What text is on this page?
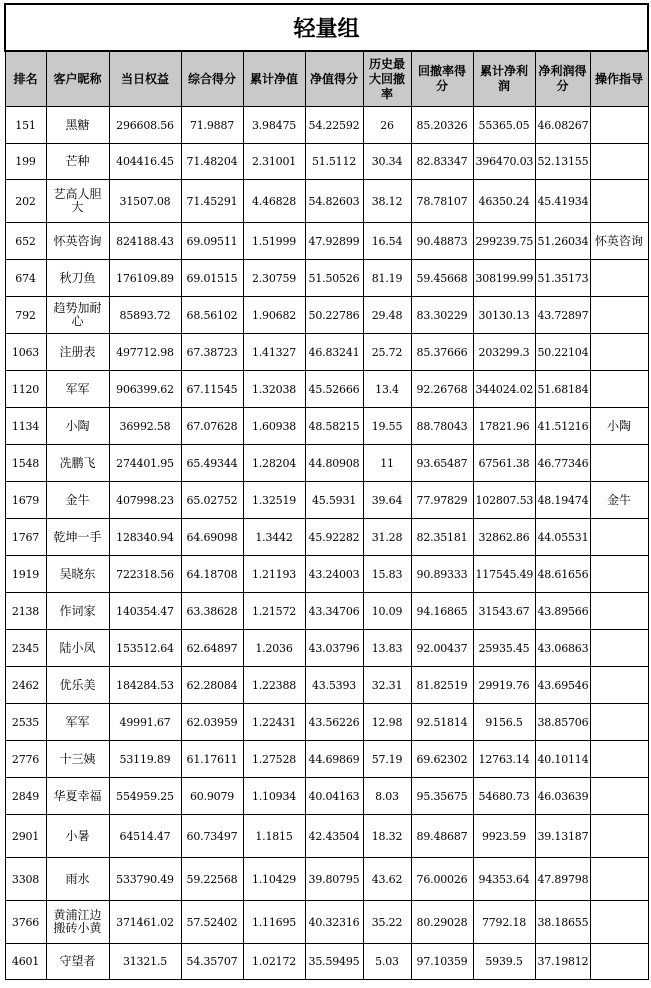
轻量组										
排名	客户昵称	当日权益	综合得分	累计净值	净值得分	历史最大回撤率	回撤率得分	累计净利润	净利润得分	操作指导
151	黑糖	296608.56	71.9887	3.98475	54.22592	26	85.20326	55365.05	46.08267	
199	芒种	404416.45	71.48204	2.31001	51.5112	30.34	82.83347	396470.03	52.13155	
202	艺高人胆大	31507.08	71.45291	4.46828	54.82603	38.12	78.78107	46350.24	45.41934	
652	怀英咨询	824188.43	69.09511	1.51999	47.92899	16.54	90.48873	299239.75	51.26034	怀英咨询
674	秋刀鱼	176109.89	69.01515	2.30759	51.50526	81.19	59.45668	308199.99	51.35173	
792	趋势加耐心	85893.72	68.56102	1.90682	50.22786	29.48	83.30229	30130.13	43.72897	
1063	注册表	497712.98	67.38723	1.41327	46.83241	25.72	85.37666	203299.3	50.22104	
1120	军军	906399.62	67.11545	1.32038	45.52666	13.4	92.26768	344024.02	51.68184	
1134	小陶	36992.58	67.07628	1.60938	48.58215	19.55	88.78043	17821.96	41.51216	小陶
1548	冼鹏飞	274401.95	65.49344	1.28204	44.80908	11	93.65487	67561.38	46.77346	
1679	金牛	407998.23	65.02752	1.32519	45.5931	39.64	77.97829	102807.53	48.19474	金牛
1767	乾坤一手	128340.94	64.69098	1.3442	45.92282	31.28	82.35181	32862.86	44.05531	
1919	吴晓东	722318.56	64.18708	1.21193	43.24003	15.83	90.89333	117545.49	48.61656	
2138	作词家	140354.47	63.38628	1.21572	43.34706	10.09	94.16865	31543.67	43.89566	
2345	陆小凤	153512.64	62.64897	1.2036	43.03796	13.83	92.00437	25935.45	43.06863	
2462	优乐美	184284.53	62.28084	1.22388	43.5393	32.31	81.82519	29919.76	43.69546	
2535	军军	49991.67	62.03959	1.22431	43.56226	12.98	92.51814	9156.5	38.85706	
2776	十三姨	53119.89	61.17611	1.27528	44.69869	57.19	69.62302	12763.14	40.10114	
2849	华夏幸福	554959.25	60.9079	1.10934	40.04163	8.03	95.35675	54680.73	46.03639	
2901	小暑	64514.47	60.73497	1.1815	42.43504	18.32	89.48687	9923.59	39.13187	
3308	雨水	533790.49	59.22568	1.10429	39.80795	43.62	76.00026	94353.64	47.89798	
3766	黄浦江边搬砖小黄	371461.02	57.52402	1.11695	40.32316	35.22	80.29028	7792.18	38.18655	
4601	守望者	31321.5	54.35707	1.02172	35.59495	5.03	97.10359	5939.5	37.19812	
